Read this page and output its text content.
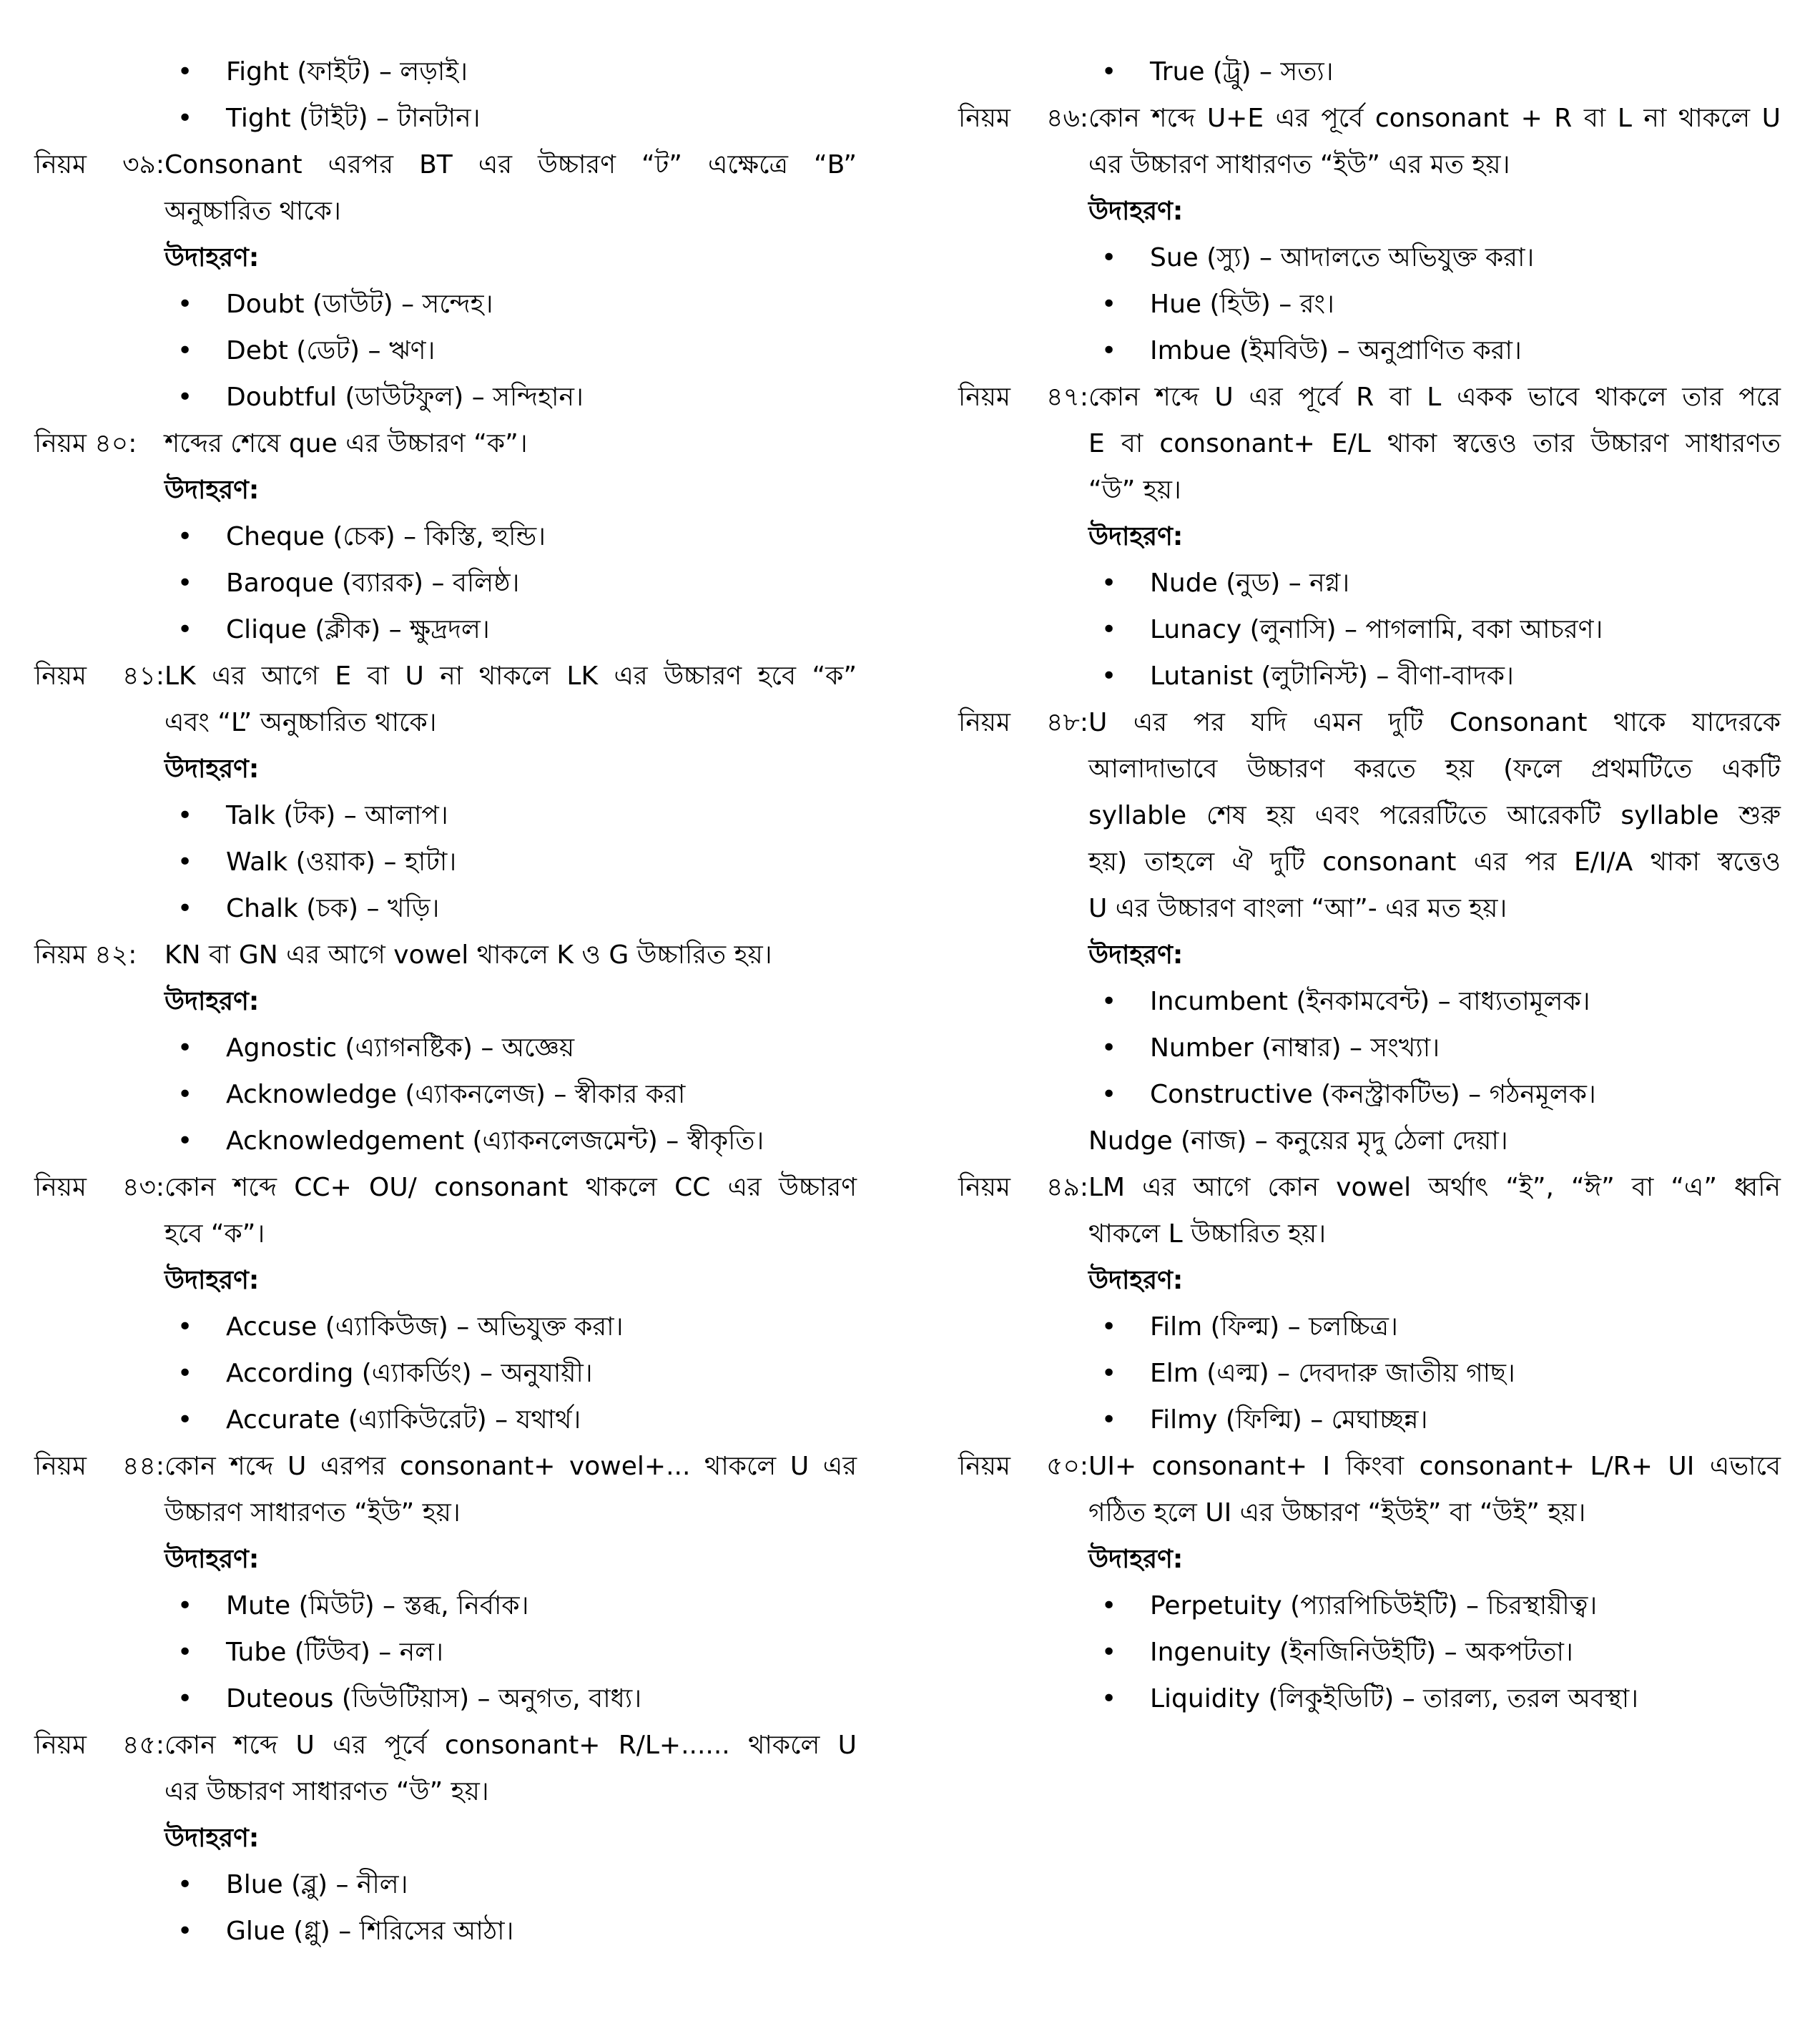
• Fight (ফাইট) – লড়াই।
• Tight (টাইট) – টানটান।
নিয়ম ৩৯: Consonant এরপর BT এর উচ্চারণ “ট” এক্ষেত্রে “B”
অনুচ্চারিত থাকে।
উদাহরণ:
• Doubt (ডাউট) – সন্দেহ।
• Debt (ডেট) – ঋণ।
• Doubtful (ডাউটফুল) – সন্দিহান।
নিয়ম ৪০:	শব্দের শেষে que এর উচ্চারণ “ক”।
উদাহরণ:
• Cheque (চেক) – কিস্তি, হুন্ডি।
• Baroque (ব্যারক) – বলিষ্ঠ।
• Clique (ক্লীক) – ক্ষুদ্রদল।
নিয়ম ৪১: LK এর আগে E বা U না থাকলে LK এর উচ্চারণ হবে “ক”
এবং “L” অনুচ্চারিত থাকে।
উদাহরণ:
• Talk (টক) – আলাপ।
• Walk (ওয়াক) – হাটা।
• Chalk (চক) – খড়ি।
নিয়ম ৪২:	KN বা GN এর আগে vowel থাকলে K ও G উচ্চারিত হয়।
উদাহরণ:
• Agnostic (এ্যাগনষ্টিক) – অজ্ঞেয়
• Acknowledge (এ্যাকনলেজ) – স্বীকার করা
• Acknowledgement (এ্যাকনলেজমেন্ট) – স্বীকৃতি।
নিয়ম ৪৩: কোন শব্দে CC+ OU/ consonant থাকলে CC এর উচ্চারণ
হবে “ক”।
উদাহরণ:
• Accuse (এ্যাকিউজ) – অভিযুক্ত করা।
• According (এ্যাকর্ডিং) – অনুযায়ী।
• Accurate (এ্যাকিউরেট) – যথার্থ।
নিয়ম ৪৪: কোন শব্দে U এরপর consonant+ vowel+... থাকলে U এর
উচ্চারণ সাধারণত “ইউ” হয়।
উদাহরণ:
• Mute (মিউট) – স্তব্ধ, নির্বাক।
• Tube (টিউব) – নল।
• Duteous (ডিউটিয়াস) – অনুগত, বাধ্য।
নিয়ম ৪৫: কোন শব্দে U এর পূর্বে consonant+ R/L+...... থাকলে U
এর উচ্চারণ সাধারণত “উ” হয়।
উদাহরণ:
• Blue (ব্লু) – নীল।
• Glue (গ্লু) – শিরিসের আঠা।
• True (ট্রু) – সত্য।
নিয়ম ৪৬: কোন শব্দে U+E এর পূর্বে consonant + R বা L না থাকলে U
এর উচ্চারণ সাধারণত “ইউ” এর মত হয়।
উদাহরণ:
• Sue (স্যু) – আদালতে অভিযুক্ত করা।
• Hue (হিউ) – রং।
• Imbue (ইমবিউ) – অনুপ্রাণিত করা।
নিয়ম ৪৭: কোন শব্দে U এর পূর্বে R বা L একক ভাবে থাকলে তার পরে
E বা consonant+ E/L থাকা স্বত্তেও তার উচ্চারণ সাধারণত
“উ” হয়।
উদাহরণ:
• Nude (নুড) – নগ্ন।
• Lunacy (লুনাসি) – পাগলামি, বকা আচরণ।
• Lutanist (লুটানিস্ট) – বীণা-বাদক।
নিয়ম ৪৮: U এর পর যদি এমন দুটি Consonant থাকে যাদেরকে
আলাদাভাবে উচ্চারণ করতে হয় (ফলে প্রথমটিতে একটি
syllable শেষ হয় এবং পরেরটিতে আরেকটি syllable শুরু
হয়) তাহলে ঐ দুটি consonant এর পর E/I/A থাকা স্বত্তেও
U এর উচ্চারণ বাংলা “আ”- এর মত হয়।
উদাহরণ:
• Incumbent (ইনকামবেন্ট) – বাধ্যতামূলক।
• Number (নাম্বার) – সংখ্যা।
• Constructive (কনস্ট্রাকটিভ) – গঠনমূলক।
Nudge (নাজ) – কনুয়ের মৃদু ঠেলা দেয়া।
নিয়ম ৪৯: LM এর আগে কোন vowel অর্থাৎ “ই”, “ঈ” বা “এ” ধ্বনি
থাকলে L উচ্চারিত হয়।
উদাহরণ:
• Film (ফিল্ম) – চলচ্চিত্র।
• Elm (এল্ম) – দেবদারু জাতীয় গাছ।
• Filmy (ফিল্মি) – মেঘাচ্ছন্ন।
নিয়ম ৫০: UI+ consonant+ I কিংবা consonant+ L/R+ UI এভাবে
গঠিত হলে UI এর উচ্চারণ “ইউই” বা “উই” হয়।
উদাহরণ:
• Perpetuity (প্যারপিচিউইটি) – চিরস্থায়ীত্ব।
• Ingenuity (ইনজিনিউইটি) – অকপটতা।
• Liquidity (লিকুইডিটি) – তারল্য, তরল অবস্থা।
